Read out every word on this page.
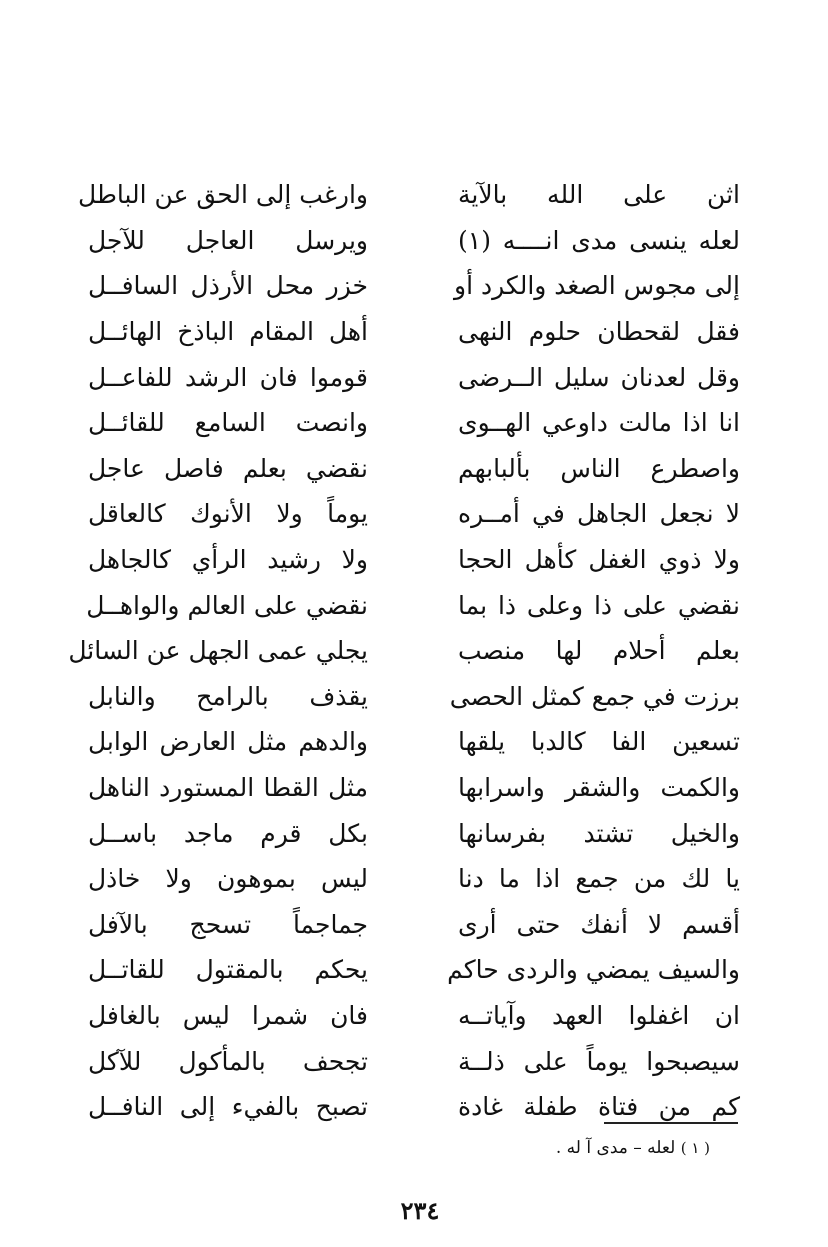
اثن على الله بالآية
وارغب إلى الحق عن الباطل
لعله ينسى مدى انــــه (١)
ويرسل العاجل للآجل
إلى مجوس الصغد والكرد أو
خزر محل الأرذل السافــل
فقل لقحطان حلوم النهى
أهل المقام الباذخ الهائــل
وقل لعدنان سليل الــرضى
قوموا فان الرشد للفاعــل
انا اذا مالت داوعي الهــوى
وانصت السامع للقائــل
واصطرع الناس بألبابهم
نقضي بعلم فاصل عاجل
لا نجعل الجاهل في أمــره
يوماً ولا الأنوك كالعاقل
ولا ذوي الغفل كأهل الحجا
ولا رشيد الرأي كالجاهل
نقضي على ذا وعلى ذا بما
نقضي على العالم والواهــل
بعلم أحلام لها منصب
يجلي عمى الجهل عن السائل
برزت في جمع كمثل الحصى
يقذف بالرامح والنابل
تسعين الفا كالدبا يلقها
والدهم مثل العارض الوابل
والكمت والشقر واسرابها
مثل القطا المستورد الناهل
والخيل تشتد بفرسانها
بكل قرم ماجد باســل
يا لك من جمع اذا ما دنا
ليس بموهون ولا خاذل
أقسم لا أنفك حتى أرى
جماجماً تسحج بالآفل
والسيف يمضي والردى حاكم
يحكم بالمقتول للقاتــل
ان اغفلوا العهد وآياتــه
فان شمرا ليس بالغافل
سيصبحوا يوماً على ذلــة
تجحف بالمأكول للآكل
كم من فتاة طفلة غادة
تصبح بالفيء إلى النافــل
( ١ ) لعله – مدى آ له .
٢٣٤
